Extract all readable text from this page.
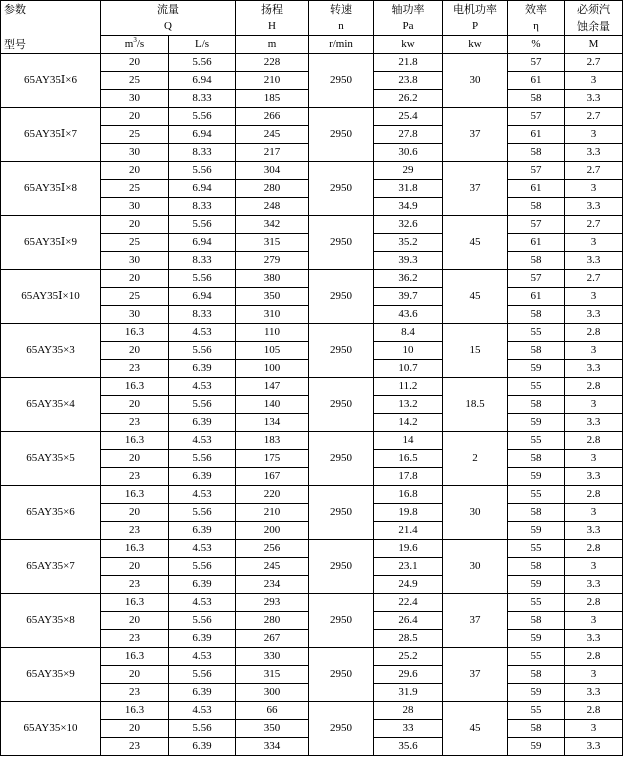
参数	流量		扬程	转速	轴功率	电机功率	效率	必须汽
	Q		H	n	Pa	P	η	蚀余量
型号	$m^3/s$	L/s	m	r/min	kw	kw	%	M
65AY35Ⅰ×6	20	5.56	228	2950	21.8	30	57	2.7
	25	6.94	210		23.8		61	3
	30	8.33	185		26.2		58	3.3
65AY35Ⅰ×7	20	5.56	266	2950	25.4	37	57	2.7
	25	6.94	245		27.8		61	3
	30	8.33	217		30.6		58	3.3
65AY35Ⅰ×8	20	5.56	304	2950	29	37	57	2.7
	25	6.94	280		31.8		61	3
	30	8.33	248		34.9		58	3.3
65AY35Ⅰ×9	20	5.56	342	2950	32.6	45	57	2.7
	25	6.94	315		35.2		61	3
	30	8.33	279		39.3		58	3.3
65AY35Ⅰ×10	20	5.56	380	2950	36.2	45	57	2.7
	25	6.94	350		39.7		61	3
	30	8.33	310		43.6		58	3.3
65AY35×3	16.3	4.53	110	2950	8.4	15	55	2.8
	20	5.56	105		10		58	3
	23	6.39	100		10.7		59	3.3
65AY35×4	16.3	4.53	147	2950	11.2	18.5	55	2.8
	20	5.56	140		13.2		58	3
	23	6.39	134		14.2		59	3.3
65AY35×5	16.3	4.53	183	2950	14	2	55	2.8
	20	5.56	175		16.5		58	3
	23	6.39	167		17.8		59	3.3
65AY35×6	16.3	4.53	220	2950	16.8	30	55	2.8
	20	5.56	210		19.8		58	3
	23	6.39	200		21.4		59	3.3
65AY35×7	16.3	4.53	256	2950	19.6	30	55	2.8
	20	5.56	245		23.1		58	3
	23	6.39	234		24.9		59	3.3
65AY35×8	16.3	4.53	293	2950	22.4	37	55	2.8
	20	5.56	280		26.4		58	3
	23	6.39	267		28.5		59	3.3
65AY35×9	16.3	4.53	330	2950	25.2	37	55	2.8
	20	5.56	315		29.6		58	3
	23	6.39	300		31.9		59	3.3
65AY35×10	16.3	4.53	66	2950	28	45	55	2.8
	20	5.56	350		33		58	3
	23	6.39	334		35.6		59	3.3
